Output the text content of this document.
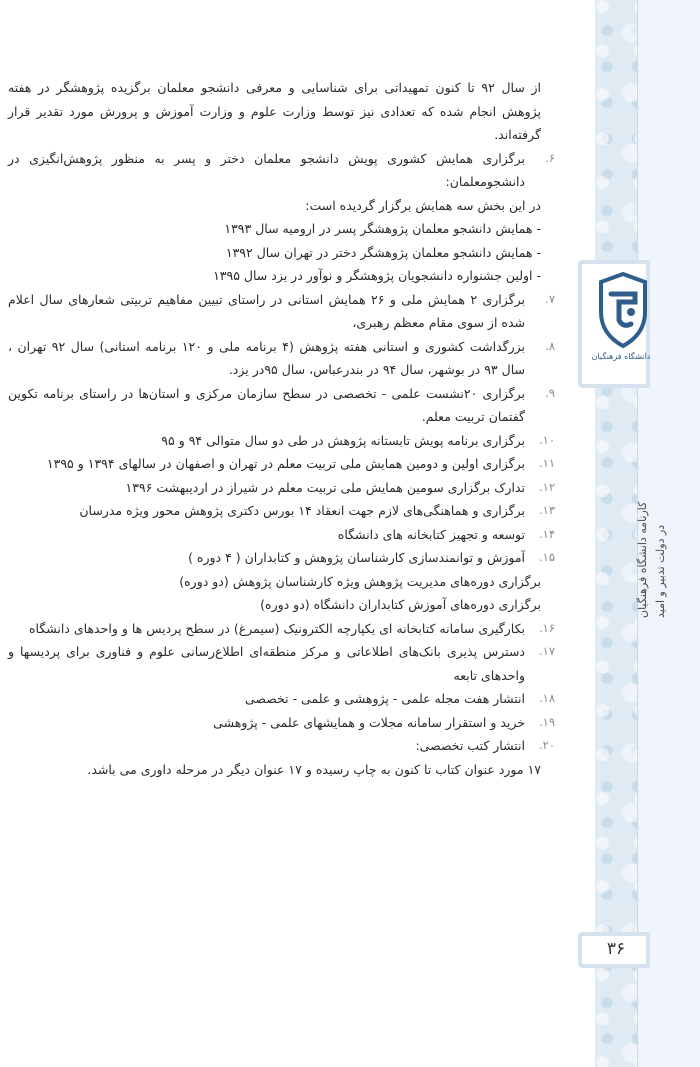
دانشگاه فرهنگیان
کارنامه دانشگاه فرهنگیان در دولت تدبیر و امید
۳۶

از سال ۹۲ تا کنون تمهیداتی برای شناسایی و معرفی دانشجو معلمان برگزیده پژوهشگر در هفته پژوهش انجام شده که تعدادی نیز توسط وزارت علوم و وزارت آموزش و پرورش مورد تقدیر قرار گرفته‌اند.

۶.
برگزاری همایش کشوری پویش دانشجو معلمان دختر و پسر به منظور پژوهش‌انگیزی در دانشجومعلمان:

در این بخش سه همایش برگزار گردیده است:

- همایش دانشجو معلمان پژوهشگر پسر در ارومیه سال ۱۳۹۳

- همایش دانشجو معلمان پژوهشگر دختر در تهران سال ۱۳۹۲

- اولین جشنواره دانشجویان پژوهشگر و نوآور در یزد سال ۱۳۹۵

۷.
برگزاری ۲ همایش ملی و ۲۶ همایش استانی در راستای تبیین مفاهیم تربیتی شعارهای سال اعلام شده از سوی مقام معظم رهبری،

۸.
بزرگداشت کشوری و استانی هفته پژوهش (۴ برنامه ملی و ۱۲۰ برنامه استانی) سال ۹۲ تهران ، سال ۹۳ در بوشهر، سال ۹۴ در بندرعباس، سال ۹۵در یزد.

۹.
برگزاری ۲۰نشست علمی - تخصصی در سطح سازمان مرکزی و استان‌ها در راستای برنامه تکوین گفتمان تربیت معلم.

۱۰.
برگزاری برنامه پویش تابستانه پژوهش در طی دو سال متوالی ۹۴ و ۹۵

۱۱.
برگزاری اولین و دومین همایش ملی تربیت معلم در تهران و اصفهان در سالهای ۱۳۹۴ و ۱۳۹۵

۱۲.
تدارک برگزاری سومین همایش ملی تربیت معلم در شیراز در اردیبهشت ۱۳۹۶

۱۳.
برگزاری و هماهنگی‌های لازم جهت انعقاد ۱۴ بورس دکتری پژوهش محور ویژه مدرسان

۱۴.
توسعه و تجهیز کتابخانه های دانشگاه

۱۵.
آموزش و توانمندسازی کارشناسان پژوهش و کتابداران ( ۴ دوره )

برگزاری دوره‌های مدیریت پژوهش ویژه کارشناسان پژوهش (دو دوره)

برگزاری دوره‌های آموزش کتابداران دانشگاه (دو دوره)

۱۶.
بکارگیری سامانه کتابخانه ای یکپارچه الکترونیک (سیمرغ) در سطح پردیس ها و واحدهای دانشگاه

۱۷.
دسترس پذیری بانک‌های اطلاعاتی و مرکز منطقه‌ای اطلاع‌رسانی علوم و فناوری برای پردیسها و واحدهای تابعه

۱۸.
انتشار هفت مجله علمی - پژوهشی و علمی - تخصصی

۱۹.
خرید و استقرار سامانه مجلات و همایشهای علمی - پژوهشی

۲۰.
انتشار کتب تخصصی:

۱۷ مورد عنوان کتاب تا کنون به چاپ رسیده و ۱۷ عنوان دیگر در مرحله داوری می باشد.
